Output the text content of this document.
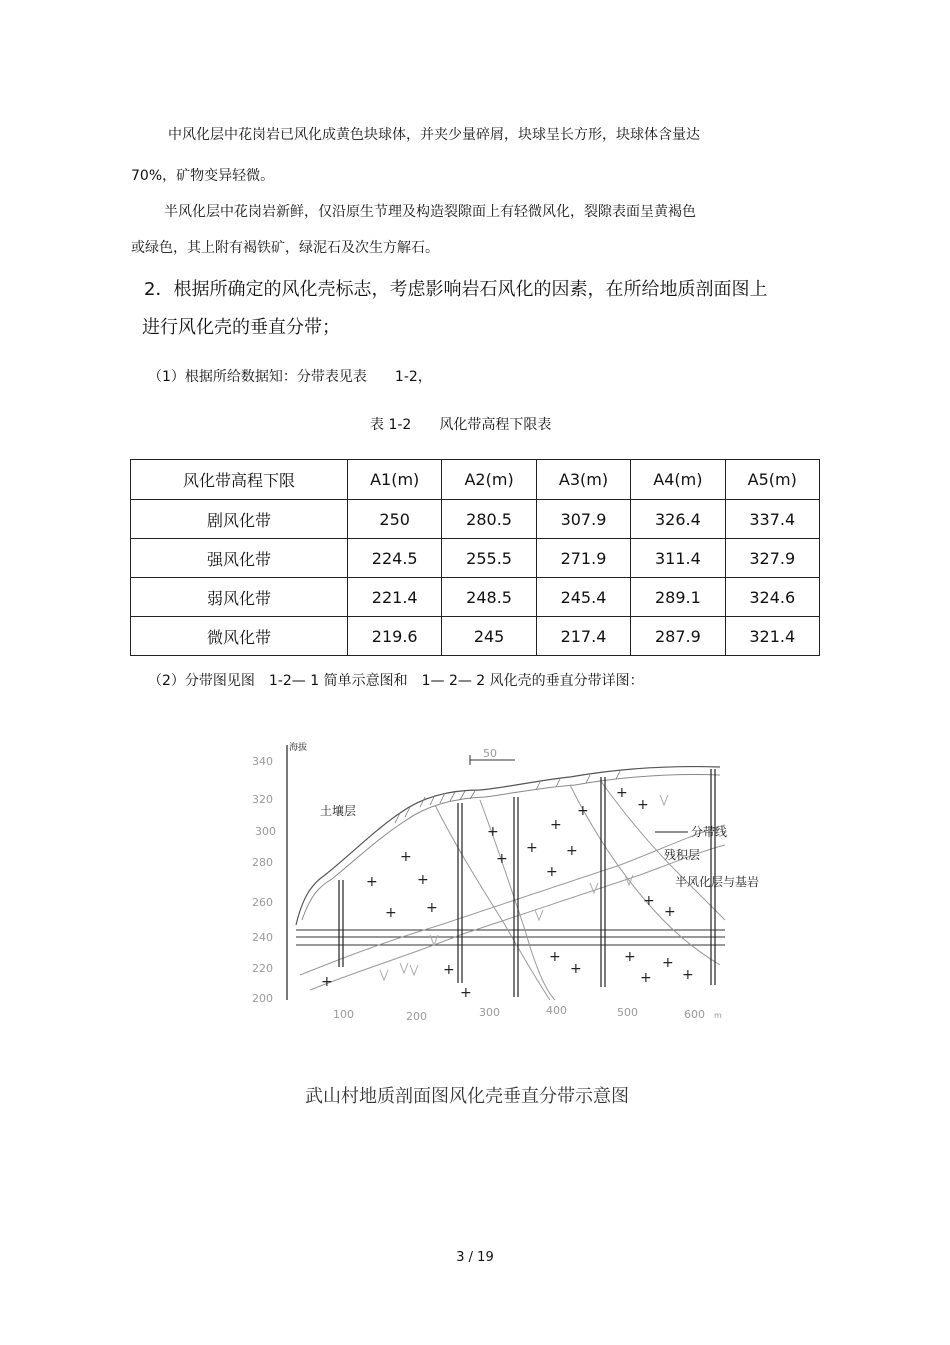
中风化层中花岗岩已风化成黄色块球体，并夹少量碎屑，块球呈长方形，块球体含量达
70%，矿物变异轻微。
半风化层中花岗岩新鲜，仅沿原生节理及构造裂隙面上有轻微风化，裂隙表面呈黄褐色
或绿色，其上附有褐铁矿，绿泥石及次生方解石。
2．根据所确定的风化壳标志，考虑影响岩石风化的因素，在所给地质剖面图上
进行风化壳的垂直分带；
（1）根据所给数据知：分带表见表　　1-2，
表 1-2　　风化带高程下限表
风化带高程下限	A1(m)	A2(m)	A3(m)	A4(m)	A5(m)
剧风化带	250	280.5	307.9	326.4	337.4
强风化带	224.5	255.5	271.9	311.4	327.9
弱风化带	221.4	248.5	245.4	289.1	324.6
微风化带	219.6	245	217.4	287.9	321.4
（2）分带图见图　1-2— 1 简单示意图和　1— 2— 2 风化壳的垂直分带详图：
海拔
340
320
300
280
260
240
220
200
100	200	300	400	500	600 m
50
+
+	+
+ +
+
+
+
+
+ +
+
+
+
+
+
+
+
+
+
+
+
+
+
+
土壤层
分带线
残积层
半风化层与基岩
武山村地质剖面图风化壳垂直分带示意图
3 / 19
